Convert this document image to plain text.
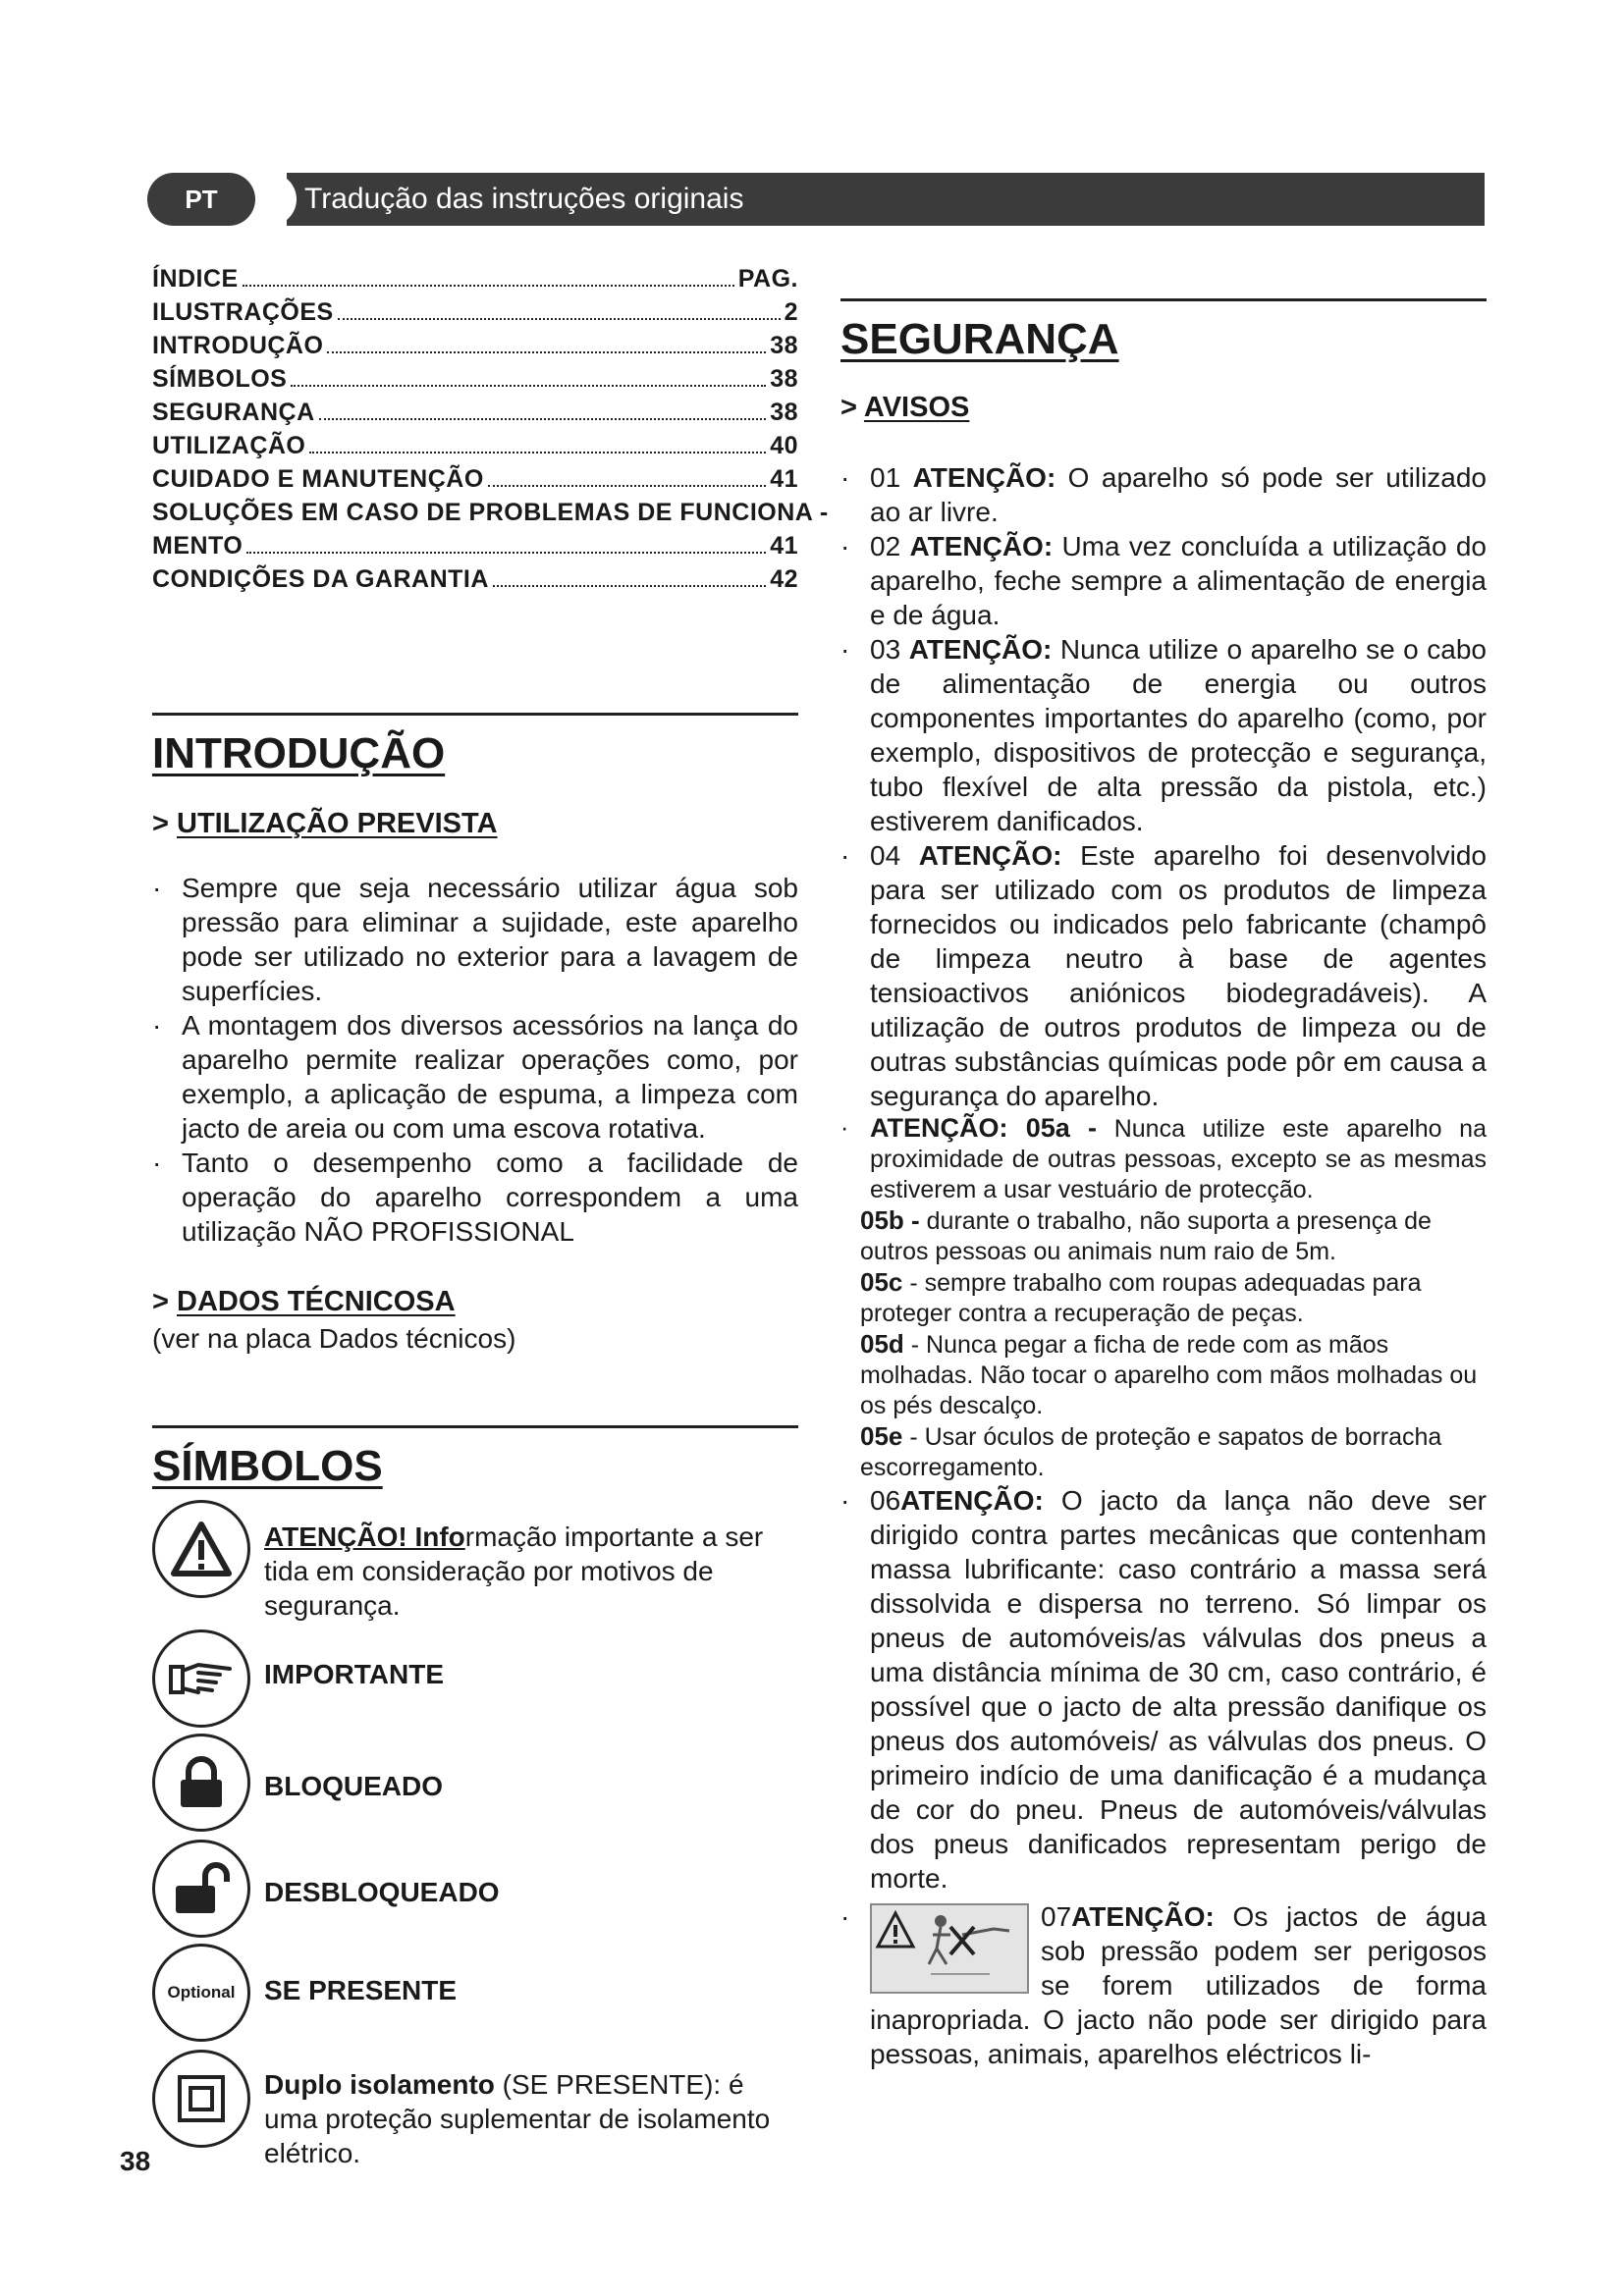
PT	Tradução das instruções originais
ÍNDICE	PAG.
ILUSTRAÇÕES	2
INTRODUÇÃO	38
SÍMBOLOS	38
SEGURANÇA	38
UTILIZAÇÃO	40
CUIDADO E MANUTENÇÃO	41
SOLUÇÕES EM CASO DE PROBLEMAS DE FUNCIONA -
MENTO	41
CONDIÇÕES DA GARANTIA	42
INTRODUÇÃO

> UTILIZAÇÃO PREVISTA

· Sempre que seja necessário utilizar água sob pressão para eliminar a sujidade, este aparelho pode ser utilizado no exterior para a lavagem de superfícies.

· A montagem dos diversos acessórios na lança do aparelho permite realizar operações como, por exemplo, a aplicação de espuma, a limpeza com jacto de areia ou com uma escova rotativa.

· Tanto o desempenho como a facilidade de operação do aparelho correspondem a uma utilização NÃO PROFISSIONAL

> DADOS TÉCNICOSA

(ver na placa Dados técnicos)

SÍMBOLOS
ATENÇÃO! Informação importante a ser tida em consideração por motivos de segurança.
IMPORTANTE
BLOQUEADO
DESBLOQUEADO
Optional SE PRESENTE
Duplo isolamento (SE PRESENTE): é uma proteção suplementar de isolamento elétrico.
38
SEGURANÇA

> AVISOS

· 01 ATENÇÃO: O aparelho só pode ser utilizado ao ar livre.

· 02 ATENÇÃO: Uma vez concluída a utilização do aparelho, feche sempre a alimentação de energia e de água.

· 03 ATENÇÃO: Nunca utilize o aparelho se o cabo de alimentação de energia ou outros componentes importantes do aparelho (como, por exemplo, dispositivos de protecção e segurança, tubo flexível de alta pressão da pistola, etc.) estiverem danificados.

· 04 ATENÇÃO: Este aparelho foi desenvolvido para ser utilizado com os produtos de limpeza fornecidos ou indicados pelo fabricante (champô de limpeza neutro à base de agentes tensioactivos aniónicos biodegradáveis). A utilização de outros produtos de limpeza ou de outras substâncias químicas pode pôr em causa a segurança do aparelho.

· ATENÇÃO: 05a - Nunca utilize este aparelho na proximidade de outras pessoas, excepto se as mesmas estiverem a usar vestuário de protecção.

05b - durante o trabalho, não suporta a presença de outros pessoas ou animais num raio de 5m.

05c - sempre trabalho com roupas adequadas para proteger contra a recuperação de peças.

05d - Nunca pegar a ficha de rede com as mãos molhadas. Não tocar o aparelho com mãos molhadas ou os pés descalço.

05e - Usar óculos de proteção e sapatos de borracha escorregamento.

· 06ATENÇÃO: O jacto da lança não deve ser dirigido contra partes mecânicas que contenham massa lubrificante: caso contrário a massa será dissolvida e dispersa no terreno. Só limpar os pneus de automóveis/as válvulas dos pneus a uma distância mínima de 30 cm, caso contrário, é possível que o jacto de alta pressão danifique os pneus dos automóveis/ as válvulas dos pneus. O primeiro indício de uma danificação é a mudança de cor do pneu. Pneus de automóveis/válvulas dos pneus danificados representam perigo de morte.

·	07ATENÇÃO: Os jactos de água sob pressão podem ser perigosos se forem utilizados de forma inapropriada. O jacto não pode ser dirigido para pessoas, animais, aparelhos eléctricos li-
